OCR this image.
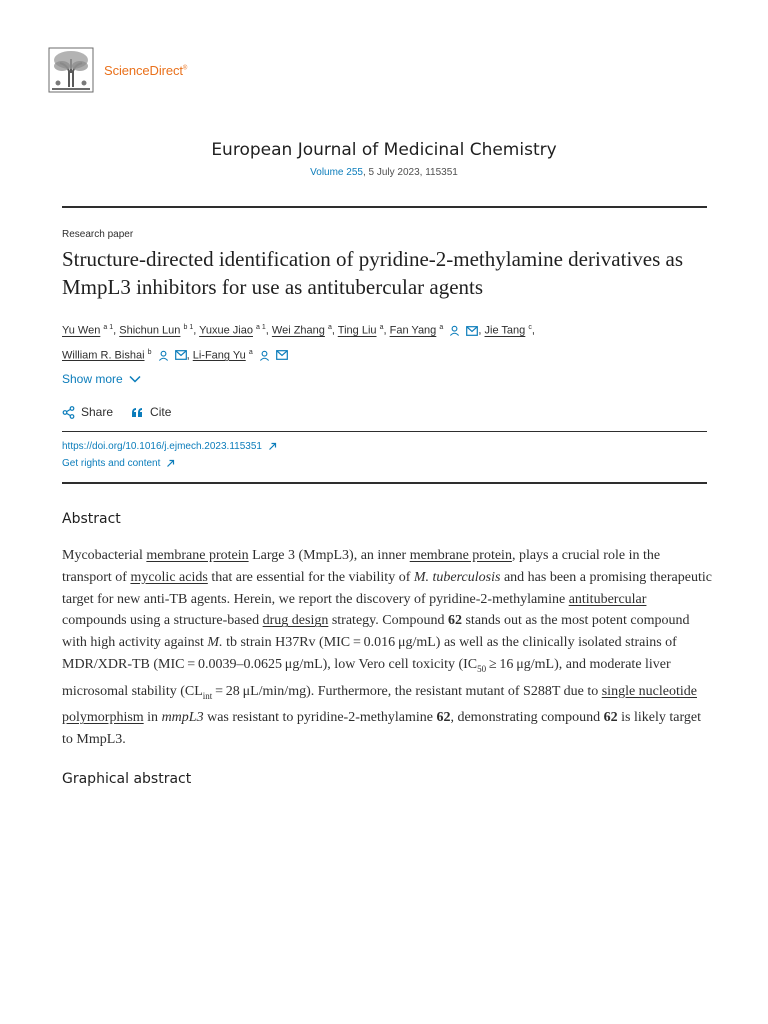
ScienceDirect®
European Journal of Medicinal Chemistry
Volume 255, 5 July 2023, 115351
Research paper
Structure-directed identification of pyridine-2-methylamine derivatives as MmpL3 inhibitors for use as antitubercular agents
Yu Wen $^{a 1}$, Shichun Lun $^{b 1}$, Yuxue Jiao $^{a 1}$, Wei Zhang $^a$, Ting Liu $^a$, Fan Yang $^a$	, Jie Tang $^c$,
William R. Bishai $^b$	, Li-Fang Yu $^a$
Show more
Share	Cite
https://doi.org/10.1016/j.ejmech.2023.115351
Get rights and content
Abstract
Mycobacterial membrane protein Large 3 (MmpL3), an inner membrane protein, plays a crucial role in the transport of mycolic acids that are essential for the viability of M. tuberculosis and has been a promising therapeutic target for new anti-TB agents. Herein, we report the discovery of pyridine-2-methylamine antitubercular compounds using a structure-based drug design strategy. Compound 62 stands out as the most potent compound with high activity against M. tb strain H37Rv (MIC = 0.016 μg/mL) as well as the clinically isolated strains of MDR/XDR-TB (MIC = 0.0039–0.0625 μg/mL), low Vero cell toxicity ($IC_{50} \ge 16$ μg/mL), and moderate liver microsomal stability ($CL_{int} = 28$ μL/min/mg). Furthermore, the resistant mutant of S288T due to single nucleotide polymorphism in mmpL3 was resistant to pyridine-2-methylamine 62, demonstrating compound 62 is likely target to MmpL3.
Graphical abstract
